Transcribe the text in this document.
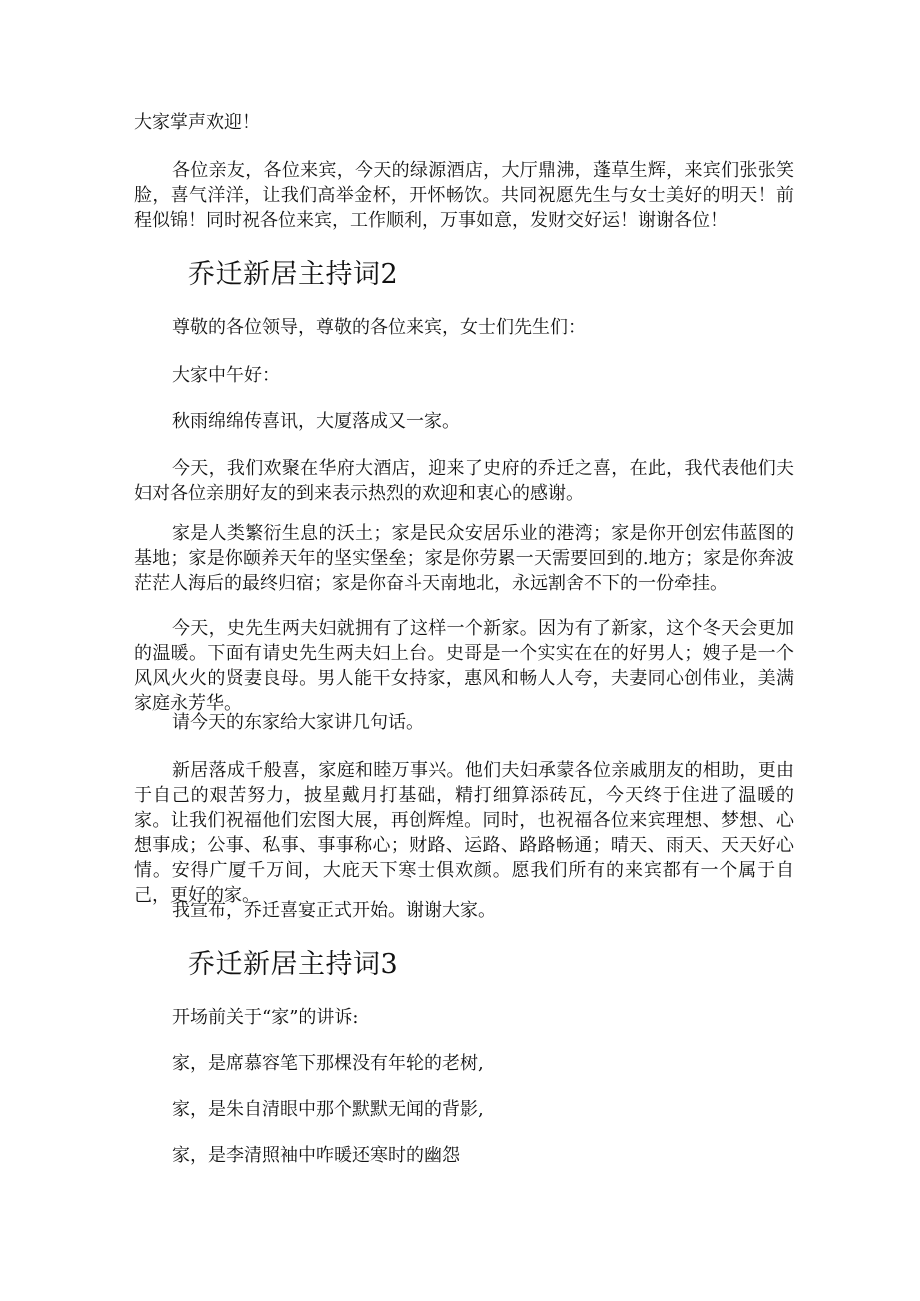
大家掌声欢迎！

各位亲友，各位来宾，今天的绿源酒店，大厅鼎沸，蓬草生辉，来宾们张张笑脸，喜气洋洋，让我们高举金杯，开怀畅饮。共同祝愿先生与女士美好的明天！前程似锦！同时祝各位来宾，工作顺利，万事如意，发财交好运！谢谢各位！

乔迁新居主持词2

尊敬的各位领导，尊敬的各位来宾，女士们先生们：

大家中午好：

秋雨绵绵传喜讯，大厦落成又一家。

今天，我们欢聚在华府大酒店，迎来了史府的乔迁之喜，在此，我代表他们夫妇对各位亲朋好友的到来表示热烈的欢迎和衷心的感谢。

家是人类繁衍生息的沃土；家是民众安居乐业的港湾；家是你开创宏伟蓝图的基地；家是你颐养天年的坚实堡垒；家是你劳累一天需要回到的.地方；家是你奔波茫茫人海后的最终归宿；家是你奋斗天南地北，永远割舍不下的一份牵挂。

今天，史先生两夫妇就拥有了这样一个新家。因为有了新家，这个冬天会更加的温暖。下面有请史先生两夫妇上台。史哥是一个实实在在的好男人；嫂子是一个风风火火的贤妻良母。男人能干女持家，惠风和畅人人夸，夫妻同心创伟业，美满家庭永芳华。

请今天的东家给大家讲几句话。

新居落成千般喜，家庭和睦万事兴。他们夫妇承蒙各位亲戚朋友的相助，更由于自己的艰苦努力，披星戴月打基础，精打细算添砖瓦，今天终于住进了温暖的家。让我们祝福他们宏图大展，再创辉煌。同时，也祝福各位来宾理想、梦想、心想事成；公事、私事、事事称心；财路、运路、路路畅通；晴天、雨天、天天好心情。安得广厦千万间，大庇天下寒士俱欢颜。愿我们所有的来宾都有一个属于自己，更好的家。

我宣布，乔迁喜宴正式开始。谢谢大家。

乔迁新居主持词3

开场前关于“家”的讲诉:

家，是席慕容笔下那棵没有年轮的老树,

家，是朱自清眼中那个默默无闻的背影,

家，是李清照袖中咋暖还寒时的幽怨
